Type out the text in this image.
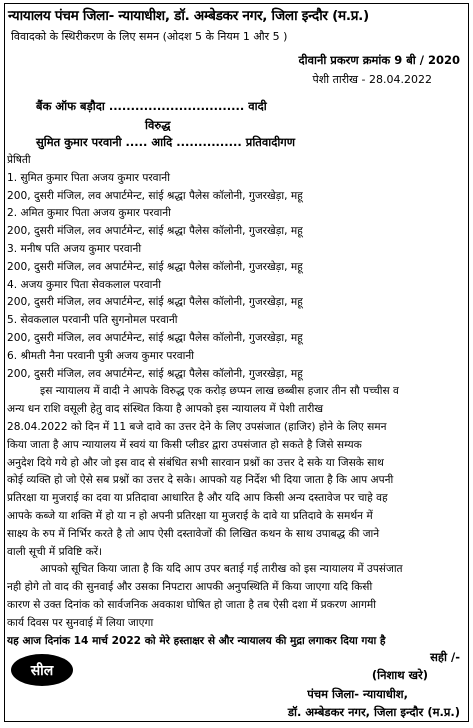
न्यायालय पंचम जिला- न्यायाधीश, डॉ. अम्बेडकर नगर, जिला इन्दौर (म.प्र.)
विवादको के स्थिरीकरण के लिए समन (ओदश 5 के नियम 1 और 5 )
दीवानी प्रकरण क्रमांक 9 बी / 2020
पेशी तारीख - 28.04.2022
बैंक ऑफ बड़ौदा ............................... वादी
विरुद्ध
सुमित कुमार परवानी ..... आदि ............... प्रतिवादीगण
प्रेषिती
1. सुमित कुमार पिता अजय कुमार परवानी
200, दुसरी मंजिल, लव अपार्टमेन्ट, सांई श्रद्धा पैलेस कॉलोनी, गुजरखेड़ा, महू
2. अमित कुमार पिता अजय कुमार परवानी
200, दुसरी मंजिल, लव अपार्टमेन्ट, सांई श्रद्धा पैलेस कॉलोनी, गुजरखेड़ा, महू
3. मनीष पति अजय कुमार परवानी
200, दुसरी मंजिल, लव अपार्टमेन्ट, सांई श्रद्धा पैलेस कॉलोनी, गुजरखेड़ा, महू
4. अजय कुमार पिता सेवकलाल परवानी
200, दुसरी मंजिल, लव अपार्टमेन्ट, सांई श्रद्धा पैलेस कॉलोनी, गुजरखेड़ा, महू
5. सेवकलाल परवानी पति सुगनोमल परवानी
200, दुसरी मंजिल, लव अपार्टमेन्ट, सांई श्रद्धा पैलेस कॉलोनी, गुजरखेड़ा, महू
6. श्रीमती नैना परवानी पुत्री अजय कुमार परवानी
200, दुसरी मंजिल, लव अपार्टमेन्ट, सांई श्रद्धा पैलेस कॉलोनी, गुजरखेड़ा, महू
इस न्यायालय में वादी ने आपके विरुद्ध एक करोड़ छप्पन लाख छब्बीस हजार तीन सौ पच्चीस व
अन्य धन राशि वसूली हेतु वाद संस्थित किया है आपको इस न्यायालय में पेशी तारीख
28.04.2022 को दिन में 11 बजे दावे का उत्तर देने के लिए उपसंजात (हाजिर) होने के लिए समन
किया जाता है आप न्यायालय में स्वयं या किसी प्लीडर द्वारा उपसंजात हो सकते है जिसे सम्यक
अनुदेश दिये गये हो और जो इस वाद से संबंधित सभी सारवान प्रश्नों का उत्तर दे सके या जिसके साथ
कोई व्यक्ति हो जो ऐसे सब प्रश्नों का उत्तर दे सके। आपको यह निर्देश भी दिया जाता है कि आप अपनी
प्रतिरक्षा या मुजराई का दवा या प्रतिदावा आधारित है और यदि आप किसी अन्य दस्तावेज पर चाहे वह
आपके कब्जे या शक्ति में हो या न हो अपनी प्रतिरक्षा या मुजराई के दावे या प्रतिदावे के समर्थन में
साक्ष्य के रुप में निर्भिर करते है तो आप ऐसी दस्तावेजों की लिखित कथन के साथ उपाबद्ध की जाने
वाली सूची में प्रविष्टि करें।
आपको सूचित किया जाता है कि यदि आप उपर बताई गई तारीख को इस न्यायालय में उपसंजात
नही होगे तो वाद की सुनवाई और उसका निपटारा आपकी अनुपस्थिति में किया जाएगा यदि किसी
कारण से उक्त दिनांक को सार्वजनिक अवकाश घोषित हो जाता है तब ऐसी दशा में प्रकरण आगमी
कार्य दिवस पर सुनवाई में लिया जाएगा
यह आज दिनांक 14 मार्च 2022 को मेरे हस्ताक्षर से और न्यायालय की मुद्रा लगाकर दिया गया है
सील
सही /-
(निशाथ खरे)
पंचम जिला- न्यायाधीश,
डॉ. अम्बेडकर नगर, जिला इन्दौर (म.प्र.)
